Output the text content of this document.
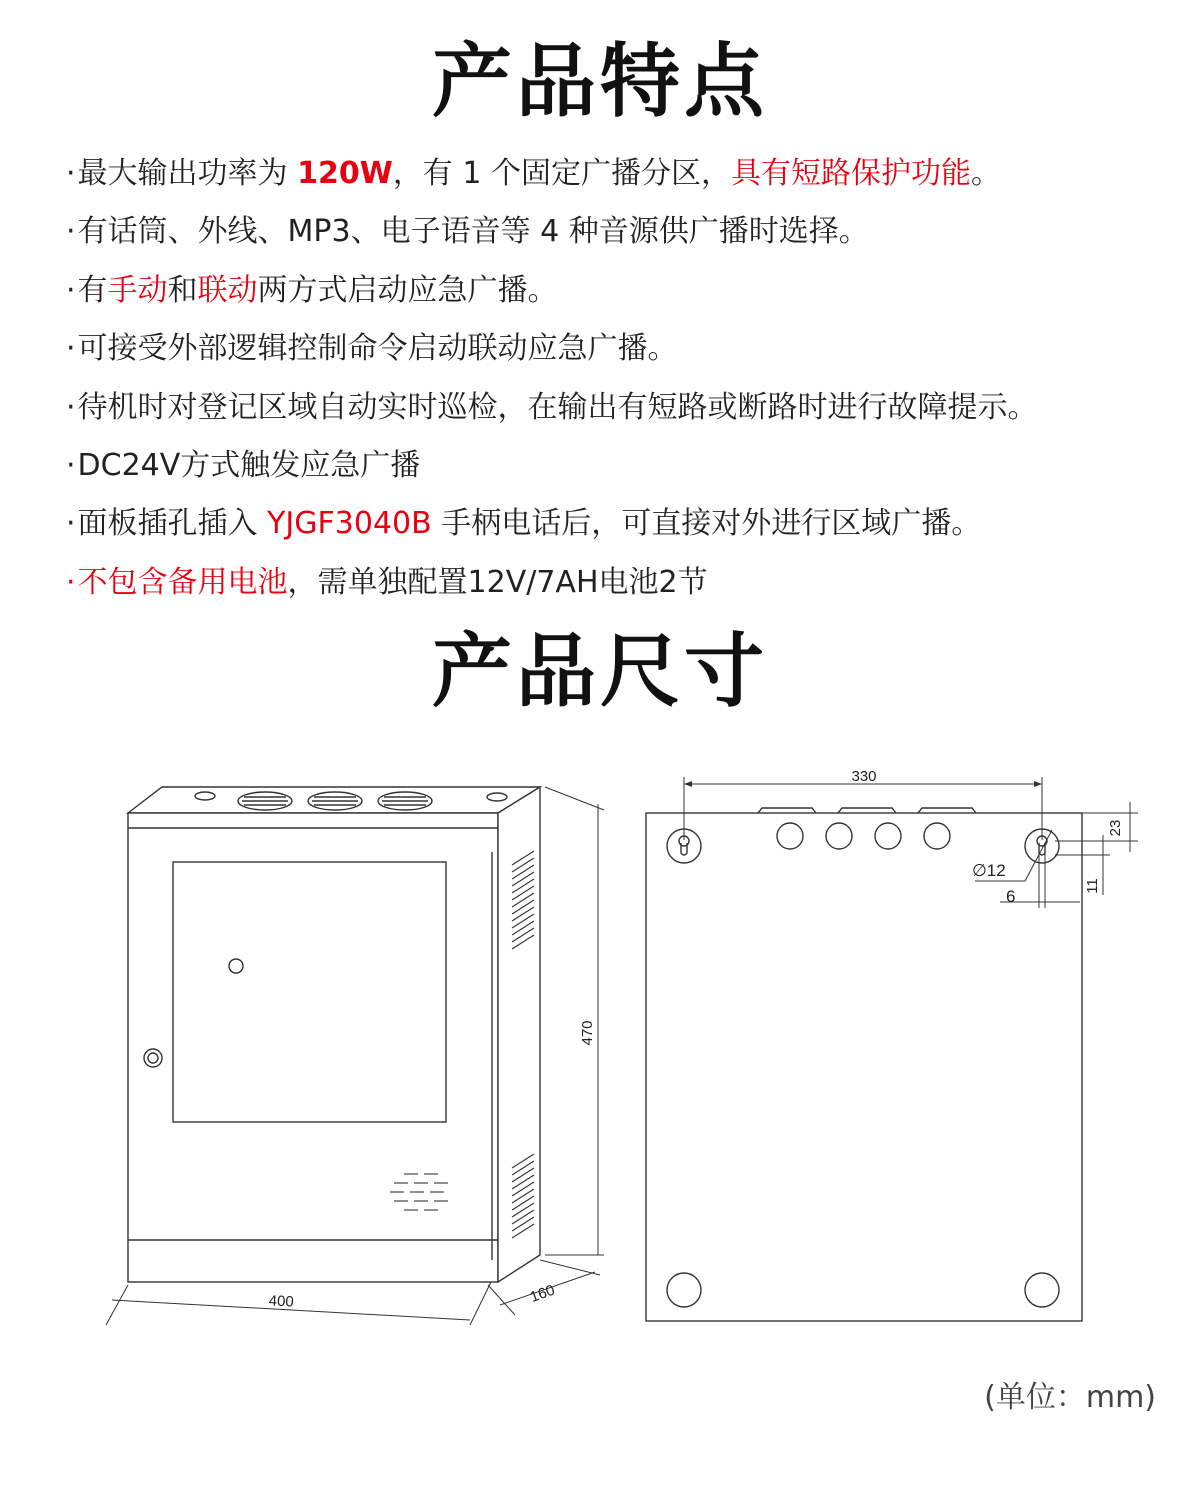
产品特点
·最大输出功率为 120W，有 1 个固定广播分区，具有短路保护功能。
·有话筒、外线、MP3、电子语音等 4 种音源供广播时选择。
·有手动和联动两方式启动应急广播。
·可接受外部逻辑控制命令启动联动应急广播。
·待机时对登记区域自动实时巡检，在输出有短路或断路时进行故障提示。
·DC24V方式触发应急广播
·面板插孔插入 YJGF3040B 手柄电话后，可直接对外进行区域广播。
·不包含备用电池，需单独配置12V/7AH电池2节
产品尺寸
330
23
11
∅12
6
470
400	160
(单位：mm)
